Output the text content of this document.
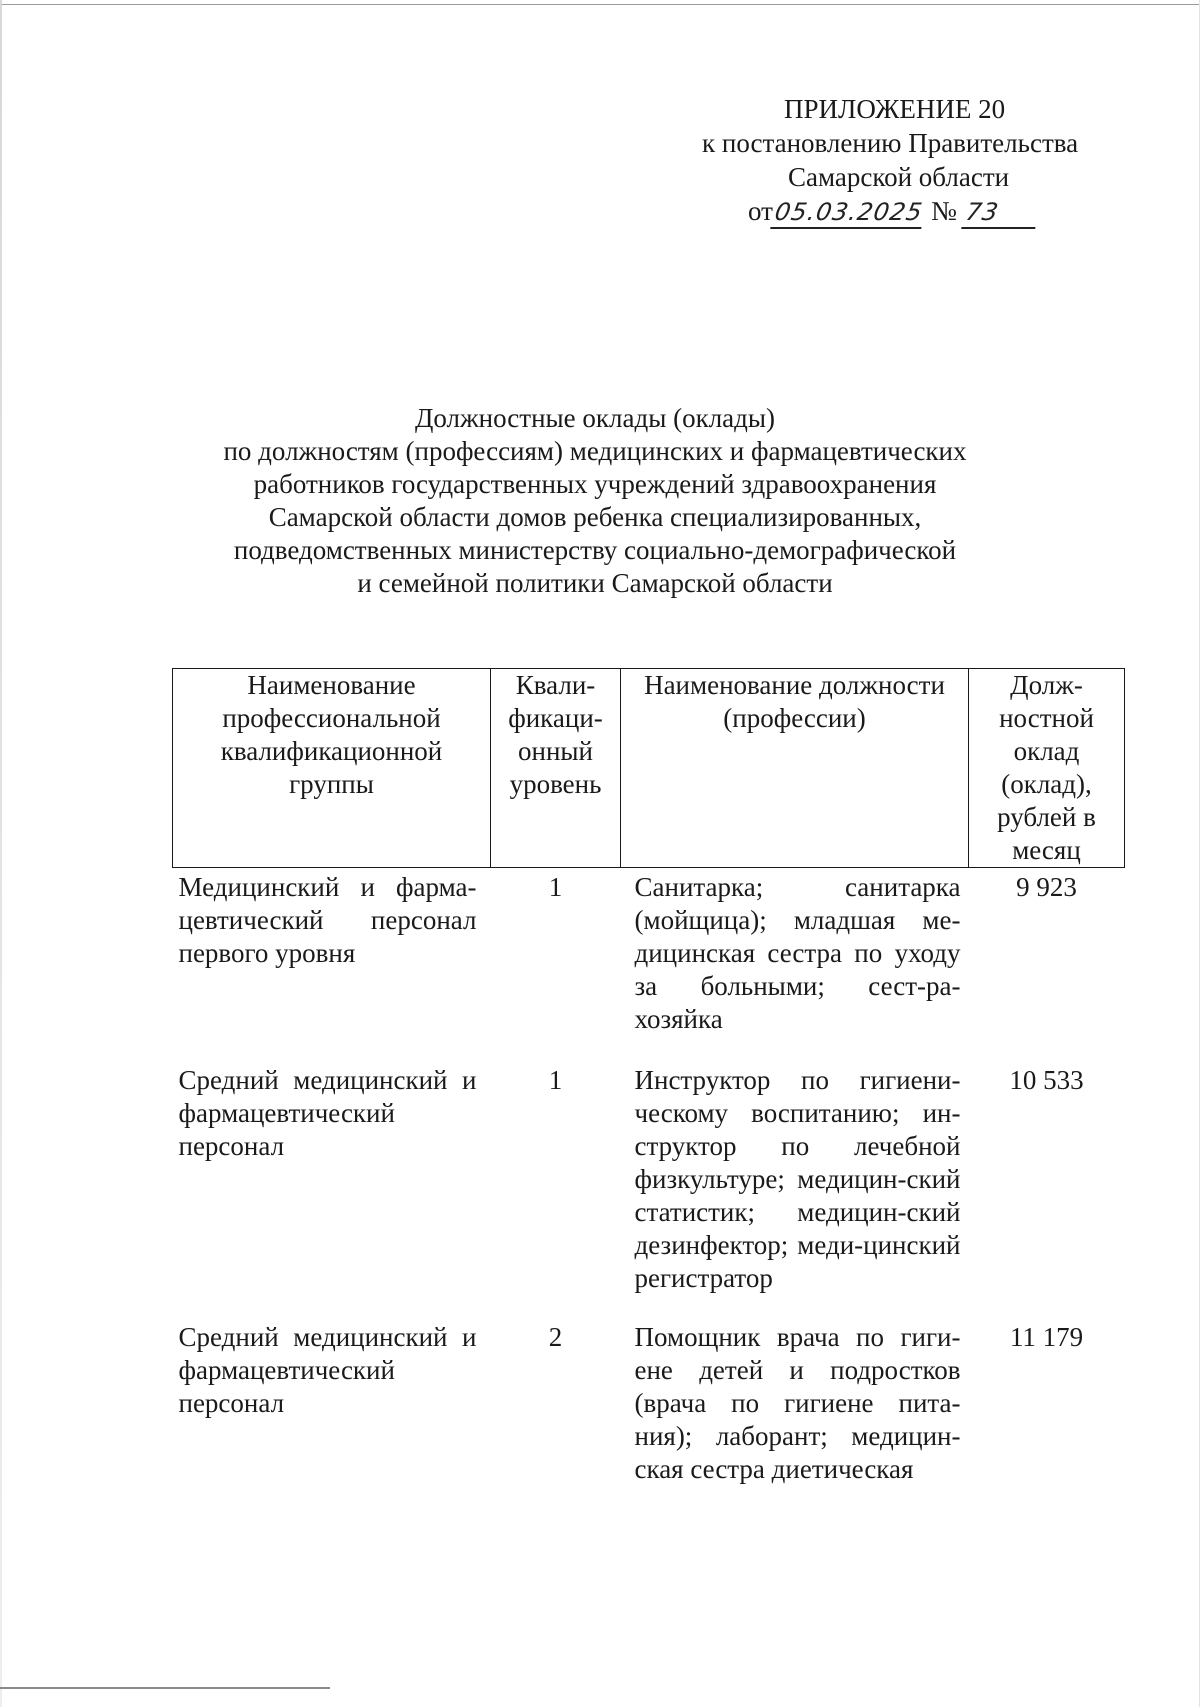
ПРИЛОЖЕНИЕ 20
к постановлению Правительства
Самарской области
от05.03.2025 № 73
Должностные оклады (оклады)
по должностям (профессиям) медицинских и фармацевтических
работников государственных учреждений здравоохранения
Самарской области домов ребенка специализированных,
подведомственных министерству социально-демографической
и семейной политики Самарской области
Наименование профессиональной квалификационной группы	Квали-фикаци-онный уровень	Наименование должности (профессии)	Долж-ностной оклад (оклад), рублей в месяц

Медицинский и фарма-цевтический персонал первого уровня	1	Санитарка; санитарка (мойщица); младшая ме-дицинская сестра по уходу за больными; сест-ра-хозяйка	9 923
Средний медицинский и фармацевтический персонал	1	Инструктор по гигиени-ческому воспитанию; ин-структор по лечебной физкультуре; медицин-ский статистик; медицин-ский дезинфектор; меди-цинский регистратор	10 533
Средний медицинский и фармацевтический персонал	2	Помощник врача по гиги-ене детей и подростков (врача по гигиене пита-ния); лаборант; медицин-ская сестра диетическая	11 179
